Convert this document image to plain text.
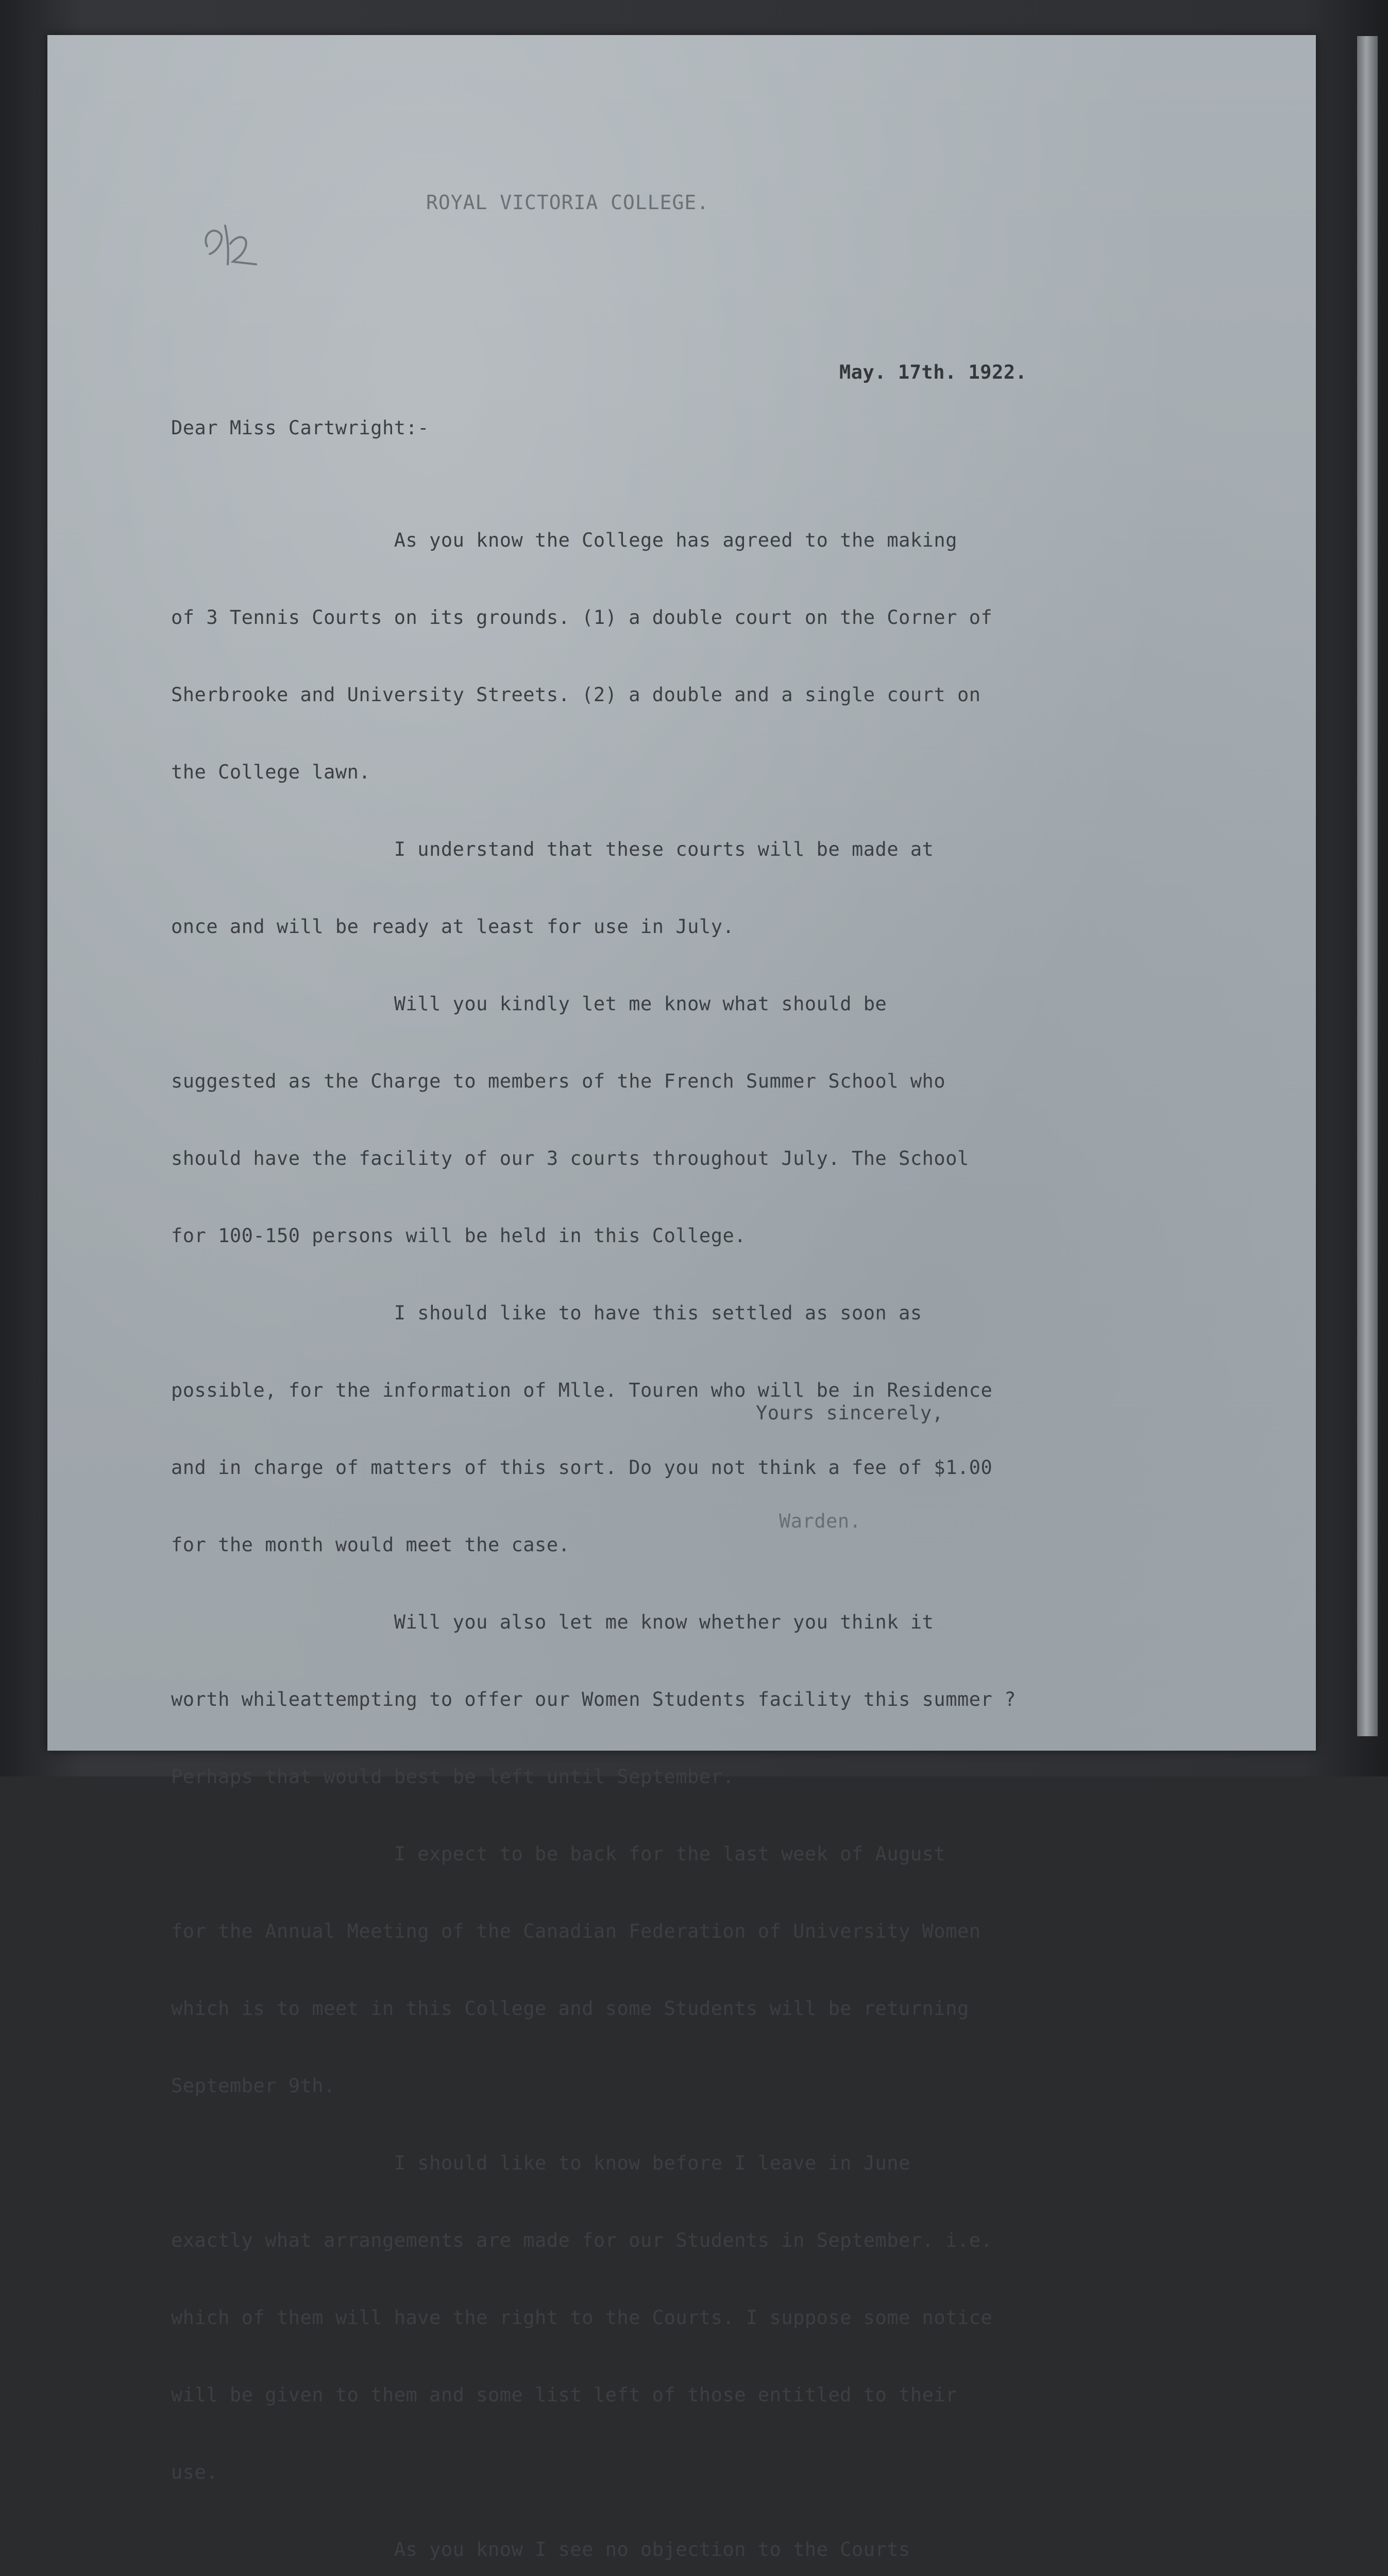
ROYAL VICTORIA COLLEGE.
May. 17th. 1922.
Dear Miss Cartwright:-

As you know the College has agreed to the making

of 3 Tennis Courts on its grounds. (1) a double court on the Corner of

Sherbrooke and University Streets. (2) a double and a single court on

the College lawn.

I understand that these courts will be made at

once and will be ready at least for use in July.

Will you kindly let me know what should be

suggested as the Charge to members of the French Summer School who

should have the facility of our 3 courts throughout July. The School

for 100-150 persons will be held in this College.

I should like to have this settled as soon as

possible, for the information of Mlle. Touren who will be in Residence

and in charge of matters of this sort. Do you not think a fee of $1.00

for the month would meet the case.

Will you also let me know whether you think it

worth whileattempting to offer our Women Students facility this summer ?

Perhaps that would best be left until September.

I expect to be back for the last week of August

for the Annual Meeting of the Canadian Federation of University Women

which is to meet in this College and some Students will be returning

September 9th.

I should like to know before I leave in June

exactly what arrangements are made for our Students in September. i.e.

which of them will have the right to the Courts. I suppose some notice

will be given to them and some list left of those entitled to their

use.

As you know I see no objection to the Courts

Yours sincerely,
Warden.
